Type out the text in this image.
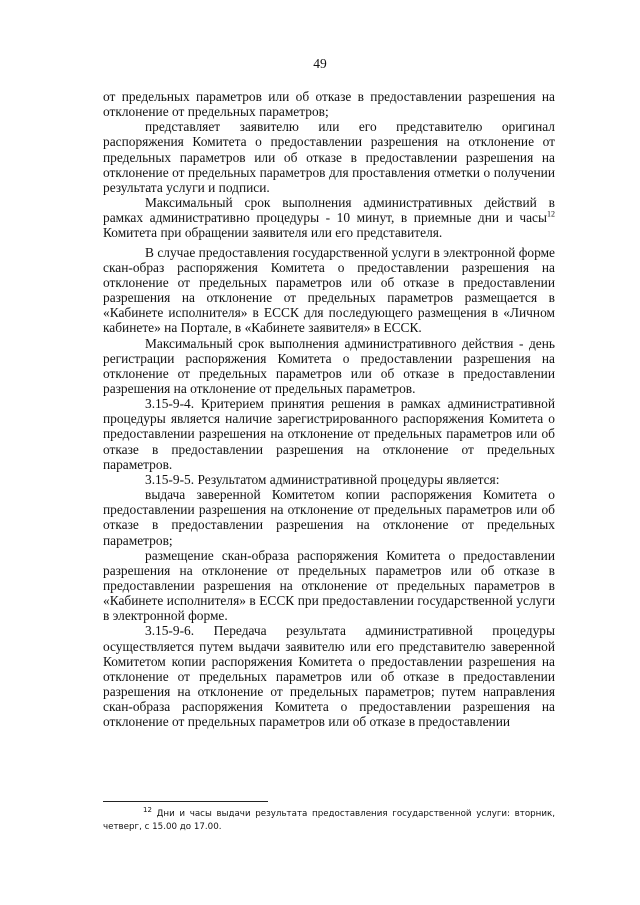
49

от предельных параметров или об отказе в предоставлении разрешения на отклонение от предельных параметров;

представляет заявителю или его представителю оригинал распоряжения Комитета о предоставлении разрешения на отклонение от предельных параметров или об отказе в предоставлении разрешения на отклонение от предельных параметров для проставления отметки о получении результата услуги и подписи.

Максимальный срок выполнения административных действий в рамках административно процедуры - 10 минут, в приемные дни и часы$^{12}$ Комитета при обращении заявителя или его представителя.

В случае предоставления государственной услуги в электронной форме скан-образ распоряжения Комитета о предоставлении разрешения на отклонение от предельных параметров или об отказе в предоставлении разрешения на отклонение от предельных параметров размещается в «Кабинете исполнителя» в ЕССК для последующего размещения в «Личном кабинете» на Портале, в «Кабинете заявителя» в ЕССК.

Максимальный срок выполнения административного действия - день регистрации распоряжения Комитета о предоставлении разрешения на отклонение от предельных параметров или об отказе в предоставлении разрешения на отклонение от предельных параметров.

3.15-9-4. Критерием принятия решения в рамках административной процедуры является наличие зарегистрированного распоряжения Комитета о предоставлении разрешения на отклонение от предельных параметров или об отказе в предоставлении разрешения на отклонение от предельных параметров.

3.15-9-5. Результатом административной процедуры является:

выдача заверенной Комитетом копии распоряжения Комитета о предоставлении разрешения на отклонение от предельных параметров или об отказе в предоставлении разрешения на отклонение от предельных параметров;

размещение скан-образа распоряжения Комитета о предоставлении разрешения на отклонение от предельных параметров или об отказе в предоставлении разрешения на отклонение от предельных параметров в «Кабинете исполнителя» в ЕССК при предоставлении государственной услуги в электронной форме.

3.15-9-6. Передача результата административной процедуры осуществляется путем выдачи заявителю или его представителю заверенной Комитетом копии распоряжения Комитета о предоставлении разрешения на отклонение от предельных параметров или об отказе в предоставлении разрешения на отклонение от предельных параметров; путем направления скан-образа распоряжения Комитета о предоставлении разрешения на отклонение от предельных параметров или об отказе в предоставлении

$^{12}$ Дни и часы выдачи результата предоставления государственной услуги: вторник, четверг, с 15.00 до 17.00.
